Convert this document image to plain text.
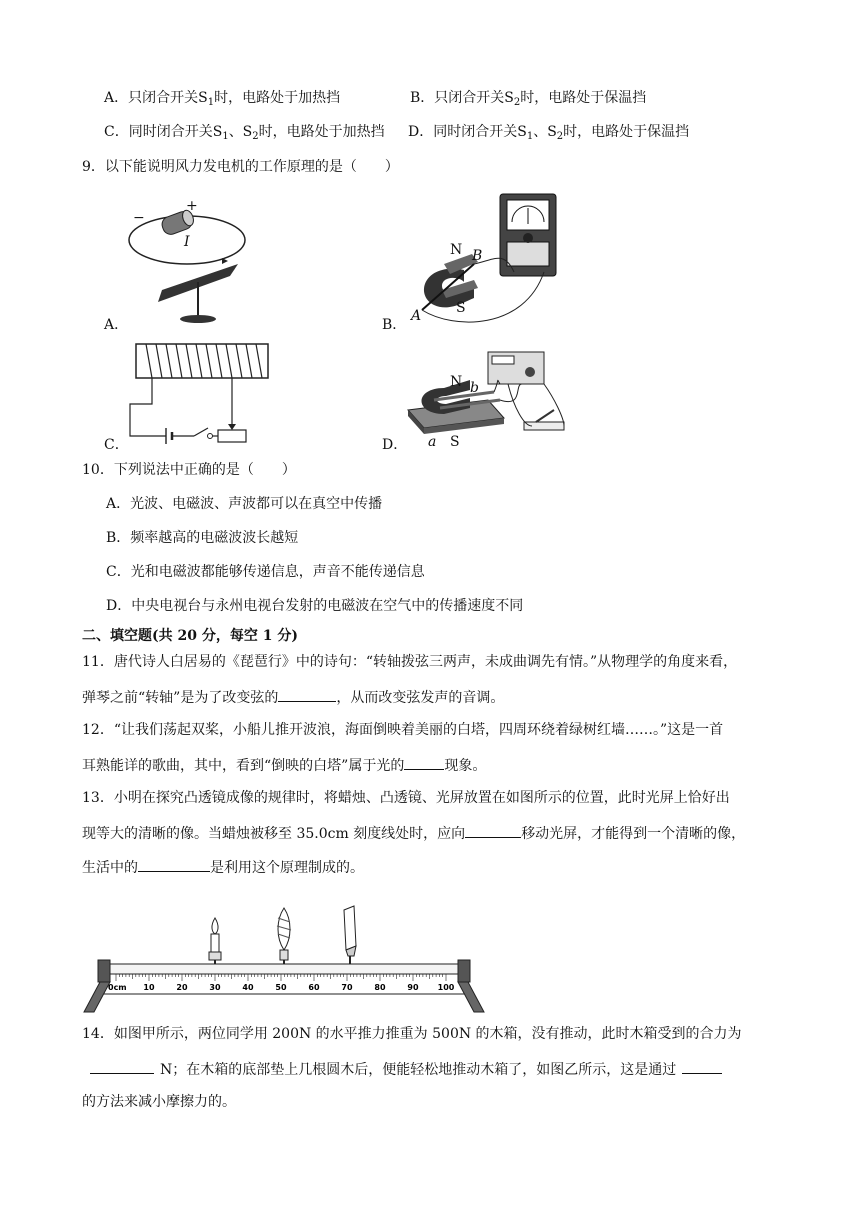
A．只闭合开关$S_1$时，电路处于加热挡	B．只闭合开关$S_2$时，电路处于保温挡
C．同时闭合开关$S_1$、$S_2$时，电路处于加热挡 D．同时闭合开关$S_1$、$S_2$时，电路处于保温挡
9．以下能说明风力发电机的工作原理的是（　　）
A．
−
+
I
B．
N
S
A
B
C．	D．
N b
a S
10．下列说法中正确的是（　　）
A．光波、电磁波、声波都可以在真空中传播
B．频率越高的电磁波波长越短
C．光和电磁波都能够传递信息，声音不能传递信息
D．中央电视台与永州电视台发射的电磁波在空气中的传播速度不同
二、填空题(共 20 分，每空 1 分)
11．唐代诗人白居易的《琵琶行》中的诗句：“转轴拨弦三两声，未成曲调先有情。”从物理学的角度来看，
弹琴之前“转轴”是为了改变弦的	，从而改变弦发声的音调。
12．“让我们荡起双桨，小船儿推开波浪，海面倒映着美丽的白塔，四周环绕着绿树红墙……。”这是一首
耳熟能详的歌曲，其中，看到“倒映的白塔”属于光的	现象。
13．小明在探究凸透镜成像的规律时，将蜡烛、凸透镜、光屏放置在如图所示的位置，此时光屏上恰好出
现等大的清晰的像。当蜡烛被移至 35.0cm 刻度线处时，应向	移动光屏，才能得到一个清晰的像，
生活中的	是利用这个原理制成的。
0cm 10	20	30	40	50	60	70	80	90 100
14．如图甲所示，两位同学用 200N 的水平推力推重为 500N 的木箱，没有推动，此时木箱受到的合力为
N；在木箱的底部垫上几根圆木后，便能轻松地推动木箱了，如图乙所示，这是通过
的方法来减小摩擦力的。
